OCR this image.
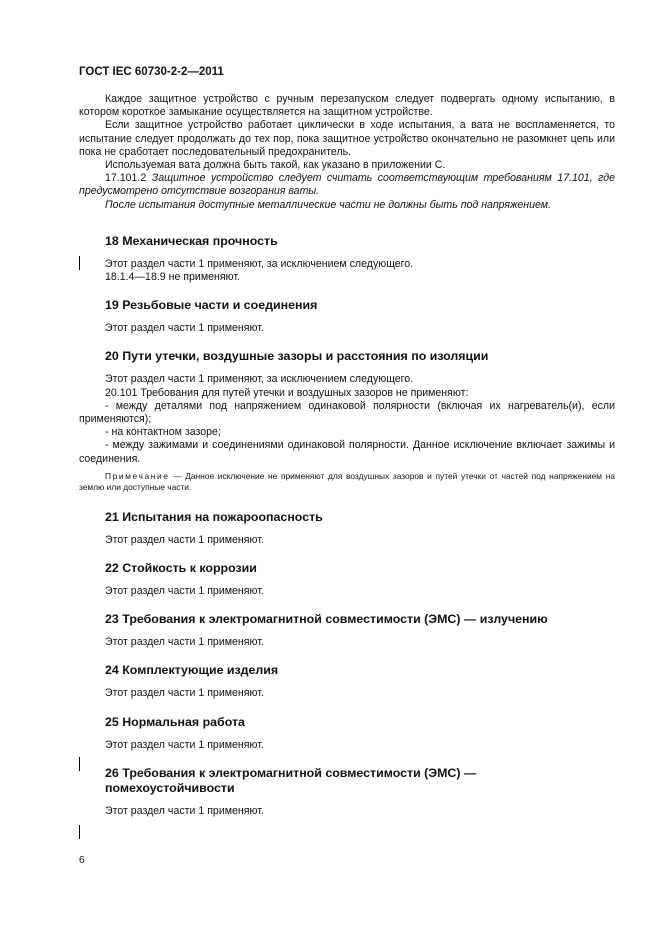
ГОСТ IEC 60730-2-2—2011

Каждое защитное устройство с ручным перезапуском следует подвергать одному испытанию, в котором короткое замыкание осуществляется на защитном устройстве.

Если защитное устройство работает циклически в ходе испытания, а вата не воспламеняется, то испытание следует продолжать до тех пор, пока защитное устройство окончательно не разомкнет цепь или пока не сработает последовательный предохранитель.

Используемая вата должна быть такой, как указано в приложении С.

17.101.2 Защитное устройство следует считать соответствующим требованиям 17.101, где предусмотрено отсутствие возгорания ваты.

После испытания доступные металлические части не должны быть под напряжением.

18 Механическая прочность

Этот раздел части 1 применяют, за исключением следующего.

18.1.4—18.9 не применяют.

19 Резьбовые части и соединения

Этот раздел части 1 применяют.

20 Пути утечки, воздушные зазоры и расстояния по изоляции

Этот раздел части 1 применяют, за исключением следующего.

20.101 Требования для путей утечки и воздушных зазоров не применяют:

- между деталями под напряжением одинаковой полярности (включая их нагреватель(и), если применяются);

- на контактном зазоре;

- между зажимами и соединениями одинаковой полярности. Данное исключение включает зажимы и соединения.

Примечание — Данное исключение не применяют для воздушных зазоров и путей утечки от частей под напряжением на землю или доступные части.

21 Испытания на пожароопасность

Этот раздел части 1 применяют.

22 Стойкость к коррозии

Этот раздел части 1 применяют.

23 Требования к электромагнитной совместимости (ЭМС) — излучению

Этот раздел части 1 применяют.

24 Комплектующие изделия

Этот раздел части 1 применяют.

25 Нормальная работа

Этот раздел части 1 применяют.

26 Требования к электромагнитной совместимости (ЭМС) —

помехоустойчивости

Этот раздел части 1 применяют.

6
